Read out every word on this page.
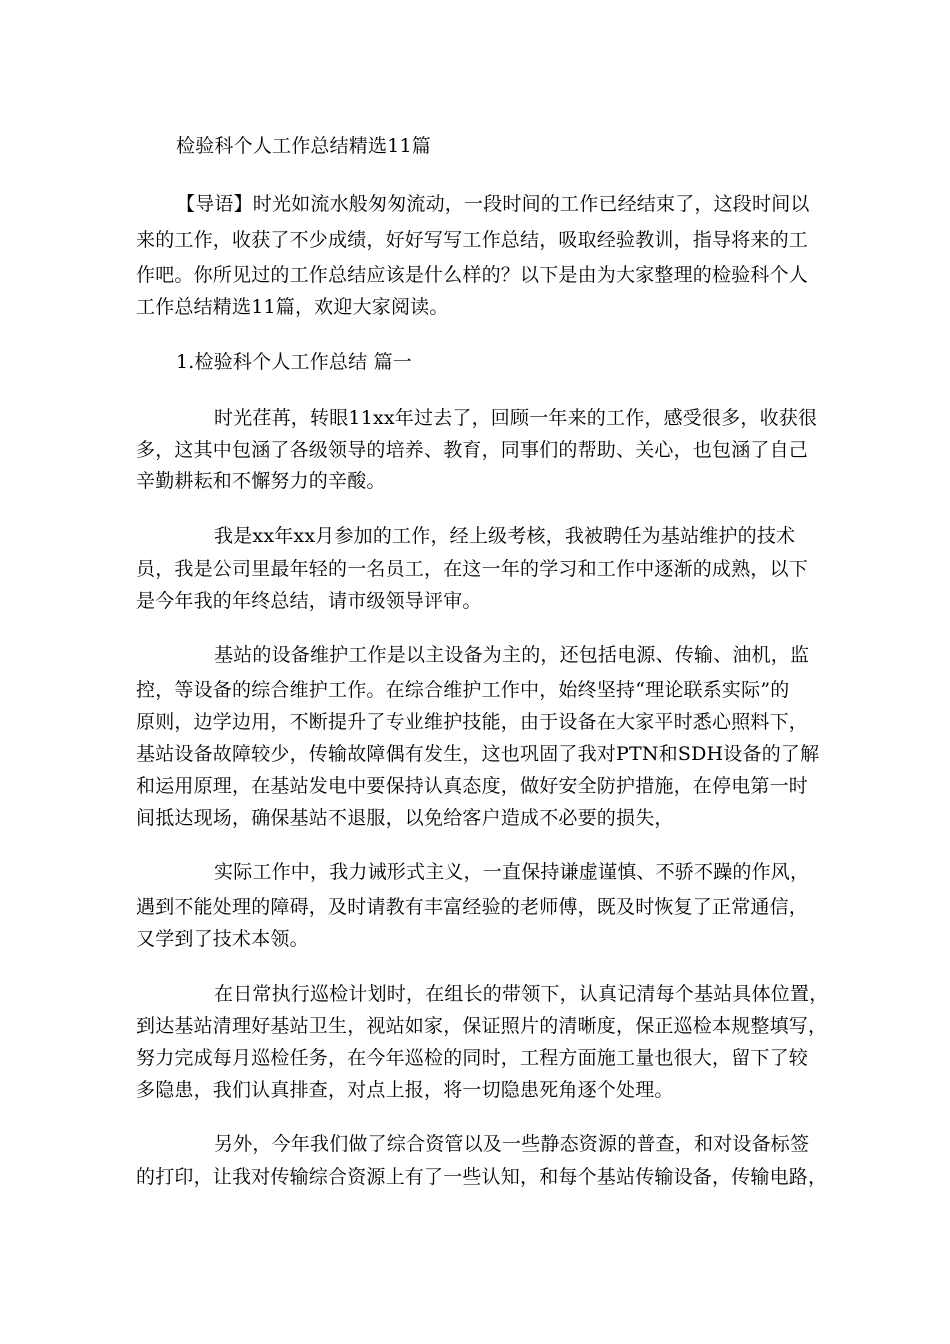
检验科个人工作总结精选11篇
【导语】时光如流水般匆匆流动，一段时间的工作已经结束了，这段时间以
来的工作，收获了不少成绩，好好写写工作总结，吸取经验教训，指导将来的工
作吧。你所见过的工作总结应该是什么样的？以下是由为大家整理的检验科个人
工作总结精选11篇，欢迎大家阅读。
1.检验科个人工作总结 篇一
时光荏苒，转眼11xx年过去了，回顾一年来的工作，感受很多，收获很
多，这其中包涵了各级领导的培养、教育，同事们的帮助、关心，也包涵了自己
辛勤耕耘和不懈努力的辛酸。
我是xx年xx月参加的工作，经上级考核，我被聘任为基站维护的技术
员，我是公司里最年轻的一名员工，在这一年的学习和工作中逐渐的成熟，以下
是今年我的年终总结，请市级领导评审。
基站的设备维护工作是以主设备为主的，还包括电源、传输、油机，监
控，等设备的综合维护工作。在综合维护工作中，始终坚持“理论联系实际”的
原则，边学边用，不断提升了专业维护技能，由于设备在大家平时悉心照料下，
基站设备故障较少，传输故障偶有发生，这也巩固了我对PTN和SDH设备的了解
和运用原理，在基站发电中要保持认真态度，做好安全防护措施，在停电第一时
间抵达现场，确保基站不退服，以免给客户造成不必要的损失，
实际工作中，我力诫形式主义，一直保持谦虚谨慎、不骄不躁的作风，
遇到不能处理的障碍，及时请教有丰富经验的老师傅，既及时恢复了正常通信，
又学到了技术本领。
在日常执行巡检计划时，在组长的带领下，认真记清每个基站具体位置，
到达基站清理好基站卫生，视站如家，保证照片的清晰度，保正巡检本规整填写，
努力完成每月巡检任务，在今年巡检的同时，工程方面施工量也很大，留下了较
多隐患，我们认真排查，对点上报，将一切隐患死角逐个处理。
另外，今年我们做了综合资管以及一些静态资源的普查，和对设备标签
的打印，让我对传输综合资源上有了一些认知，和每个基站传输设备，传输电路，
